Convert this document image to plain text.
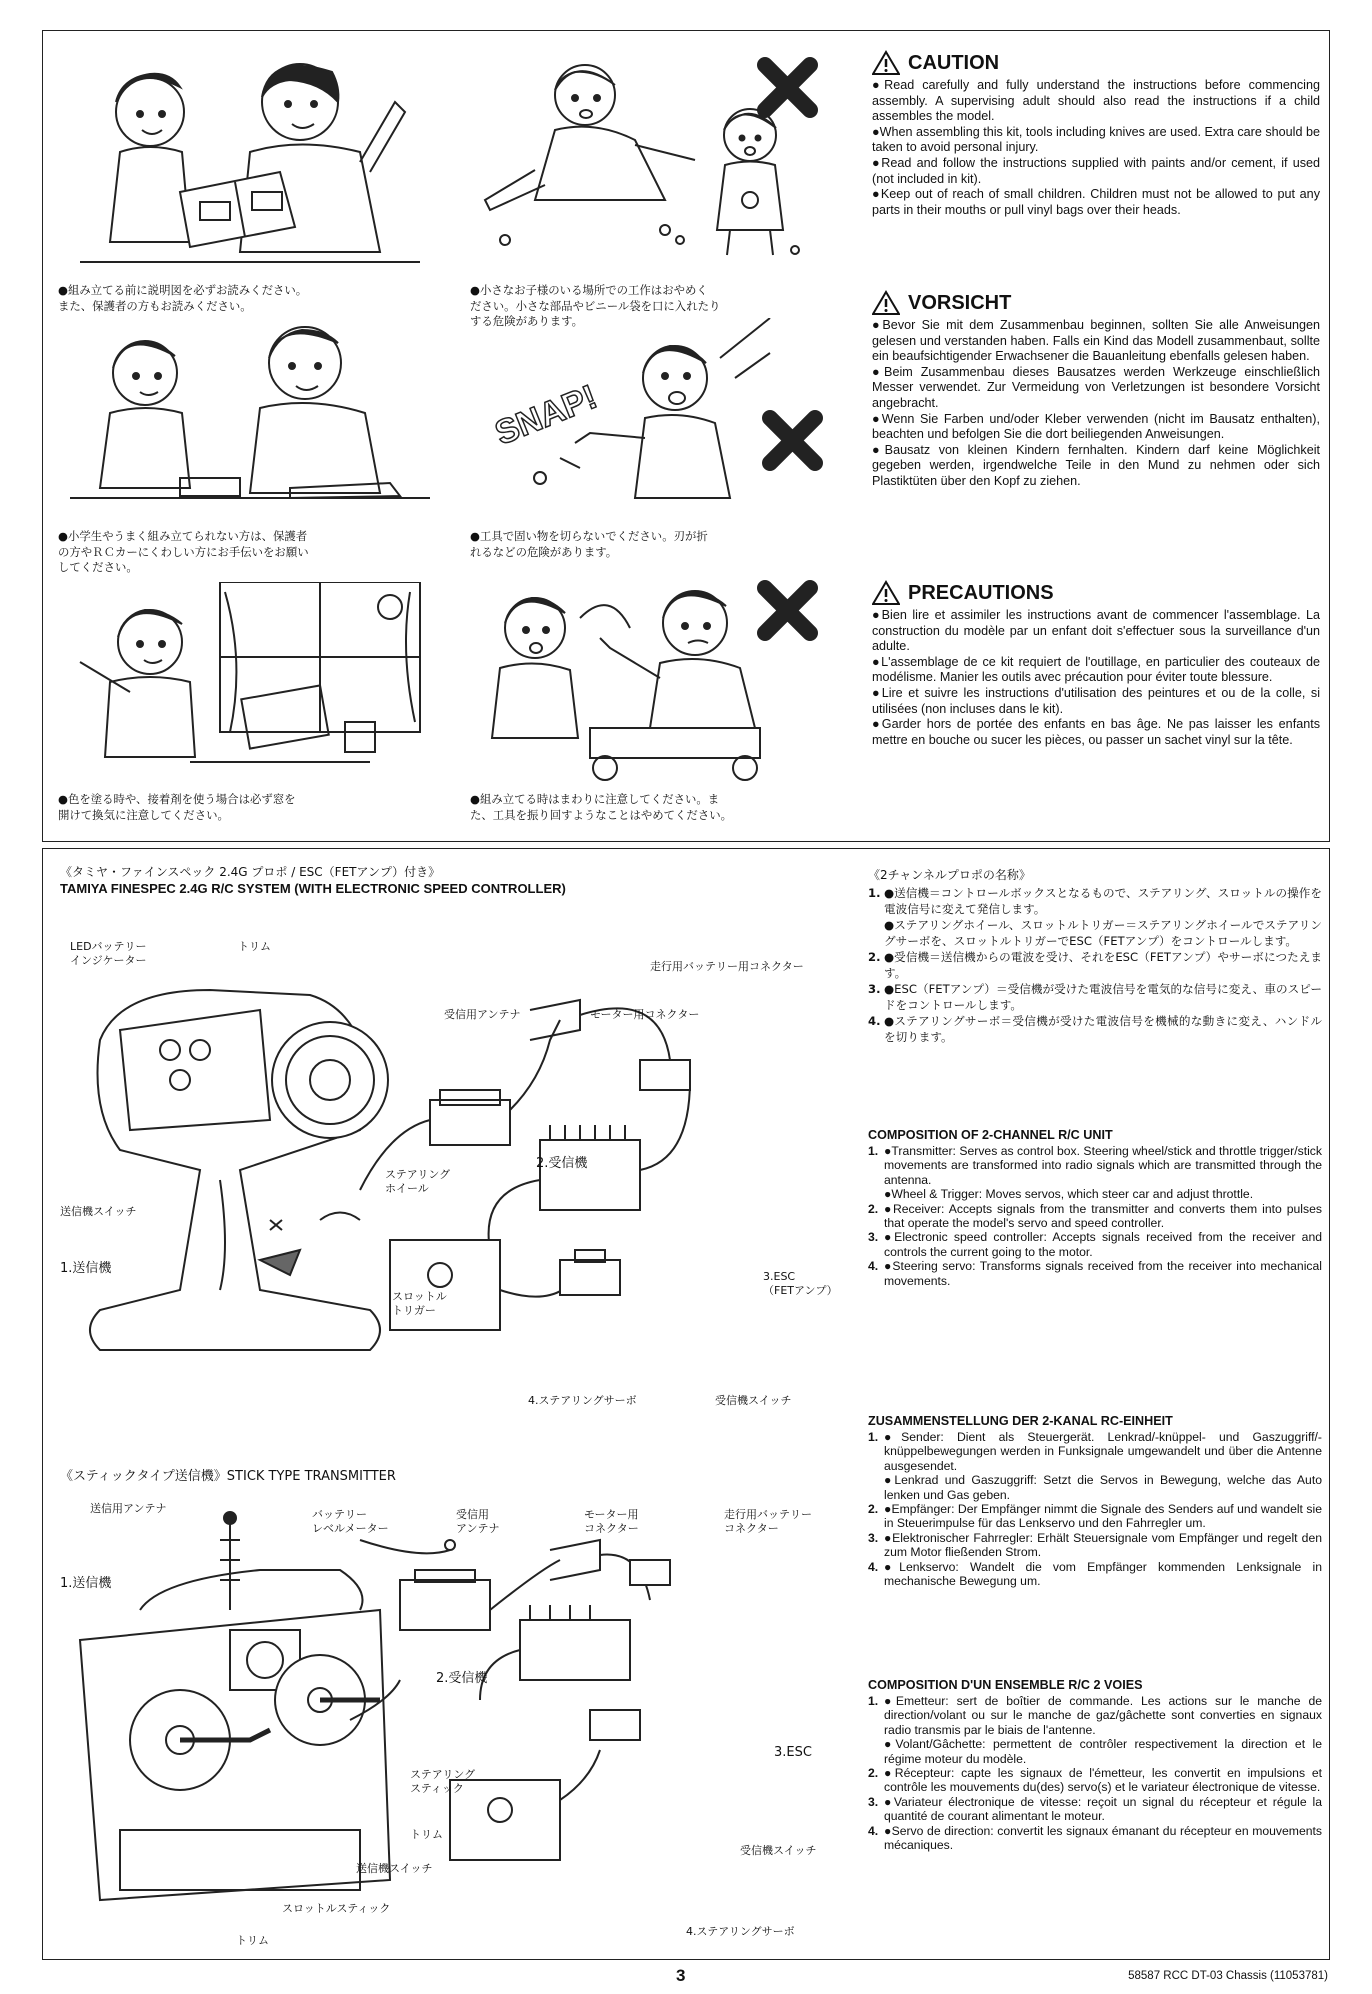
●組み立てる前に説明図を必ずお読みください。
また、保護者の方もお読みください。
●小さなお子様のいる場所での工作はおやめく
ださい。小さな部品やビニール袋を口に入れたり
する危険があります。
●小学生やうまく組み立てられない方は、保護者
の方やＲＣカーにくわしい方にお手伝いをお願い
してください。
SNAP!
●工具で固い物を切らないでください。刃が折
れるなどの危険があります。
●色を塗る時や、接着剤を使う場合は必ず窓を
開けて換気に注意してください。
●組み立てる時はまわりに注意してください。ま
た、工具を振り回すようなことはやめてください。
CAUTION

●Read carefully and fully understand the instructions before commencing assembly. A supervising adult should also read the instructions if a child assembles the model.

●When assembling this kit, tools including knives are used. Extra care should be taken to avoid personal injury.

●Read and follow the instructions supplied with paints and/or cement, if used (not included in kit).

●Keep out of reach of small children. Children must not be allowed to put any parts in their mouths or pull vinyl bags over their heads.

VORSICHT

●Bevor Sie mit dem Zusammenbau beginnen, sollten Sie alle Anweisungen gelesen und verstanden haben. Falls ein Kind das Modell zusammenbaut, sollte ein beaufsichtigender Erwachsener die Bauanleitung ebenfalls gelesen haben.

●Beim Zusammenbau dieses Bausatzes werden Werkzeuge einschließlich Messer verwendet. Zur Vermeidung von Verletzungen ist besondere Vorsicht angebracht.

●Wenn Sie Farben und/oder Kleber verwenden (nicht im Bausatz enthalten), beachten und befolgen Sie die dort beiliegenden Anweisungen.

●Bausatz von kleinen Kindern fernhalten. Kindern darf keine Möglichkeit gegeben werden, irgendwelche Teile in den Mund zu nehmen oder sich Plastiktüten über den Kopf zu ziehen.

PRECAUTIONS

●Bien lire et assimiler les instructions avant de commencer l'assemblage. La construction du modèle par un enfant doit s'effectuer sous la surveillance d'un adulte.

●L'assemblage de ce kit requiert de l'outillage, en particulier des couteaux de modélisme. Manier les outils avec précaution pour éviter toute blessure.

●Lire et suivre les instructions d'utilisation des peintures et ou de la colle, si utilisées (non incluses dans le kit).

●Garder hors de portée des enfants en bas âge. Ne pas laisser les enfants mettre en bouche ou sucer les pièces, ou passer un sachet vinyl sur la tête.

《タミヤ・ファインスペック 2.4G プロポ / ESC（FETアンプ）付き》
TAMIYA FINESPEC 2.4G R/C SYSTEM (WITH ELECTRONIC SPEED CONTROLLER)
LEDバッテリー
インジケーター
トリム
走行用バッテリー用コネクター
受信用アンテナ	モーター用コネクター
ステアリング
ホイール
2.受信機
送信機スイッチ
1.送信機
スロットル
トリガー
3.ESC
（FETアンプ）
4.ステアリングサーボ	受信機スイッチ
《スティックタイプ送信機》STICK TYPE TRANSMITTER
送信用アンテナ	バッテリー
レベルメーター
受信用
アンテナ
モーター用
コネクター
走行用バッテリー
コネクター
1.送信機
2.受信機
ステアリング
スティック
トリム
送信機スイッチ
スロットルスティック
トリム
3.ESC
受信機スイッチ
4.ステアリングサーボ
《2チャンネルプロポの名称》
1. ●送信機＝コントロールボックスとなるもので、ステアリング、スロットルの操作を電波信号に変えて発信します。
●ステアリングホイール、スロットルトリガー＝ステアリングホイールでステアリングサーボを、スロットルトリガーでESC（FETアンプ）をコントロールします。
2. ●受信機＝送信機からの電波を受け、それをESC（FETアンプ）やサーボにつたえます。
3. ●ESC（FETアンプ）＝受信機が受けた電波信号を電気的な信号に変え、車のスピードをコントロールします。
4. ●ステアリングサーボ＝受信機が受けた電波信号を機械的な動きに変え、ハンドルを切ります。
COMPOSITION OF 2-CHANNEL R/C UNIT
1. ●Transmitter: Serves as control box. Steering wheel/stick and throttle trigger/stick movements are transformed into radio signals which are transmitted through the antenna.
●Wheel & Trigger: Moves servos, which steer car and adjust throttle.
2. ●Receiver: Accepts signals from the transmitter and converts them into pulses that operate the model's servo and speed controller.
3. ●Electronic speed controller: Accepts signals received from the receiver and controls the current going to the motor.
4. ●Steering servo: Transforms signals received from the receiver into mechanical movements.
ZUSAMMENSTELLUNG DER 2-KANAL RC-EINHEIT
1. ●Sender: Dient als Steuergerät. Lenkrad/-knüppel- und Gaszuggriff/- knüppelbewegungen werden in Funksignale umgewandelt und über die Antenne ausgesendet.
●Lenkrad und Gaszuggriff: Setzt die Servos in Bewegung, welche das Auto lenken und Gas geben.
2. ●Empfänger: Der Empfänger nimmt die Signale des Senders auf und wandelt sie in Steuerimpulse für das Lenkservo und den Fahrregler um.
3. ●Elektronischer Fahrregler: Erhält Steuersignale vom Empfänger und regelt den zum Motor fließenden Strom.
4. ●Lenkservo: Wandelt die vom Empfänger kommenden Lenksignale in mechanische Bewegung um.
COMPOSITION D'UN ENSEMBLE R/C 2 VOIES
1. ●Emetteur: sert de boîtier de commande. Les actions sur le manche de direction/volant ou sur le manche de gaz/gâchette sont converties en signaux radio transmis par le biais de l'antenne.
●Volant/Gâchette: permettent de contrôler respectivement la direction et le régime moteur du modèle.
2. ●Récepteur: capte les signaux de l'émetteur, les convertit en impulsions et contrôle les mouvements du(des) servo(s) et le variateur électronique de vitesse.
3. ●Variateur électronique de vitesse: reçoit un signal du récepteur et régule la quantité de courant alimentant le moteur.
4. ●Servo de direction: convertit les signaux émanant du récepteur en mouvements mécaniques.
3	58587 RCC DT-03 Chassis (11053781)
